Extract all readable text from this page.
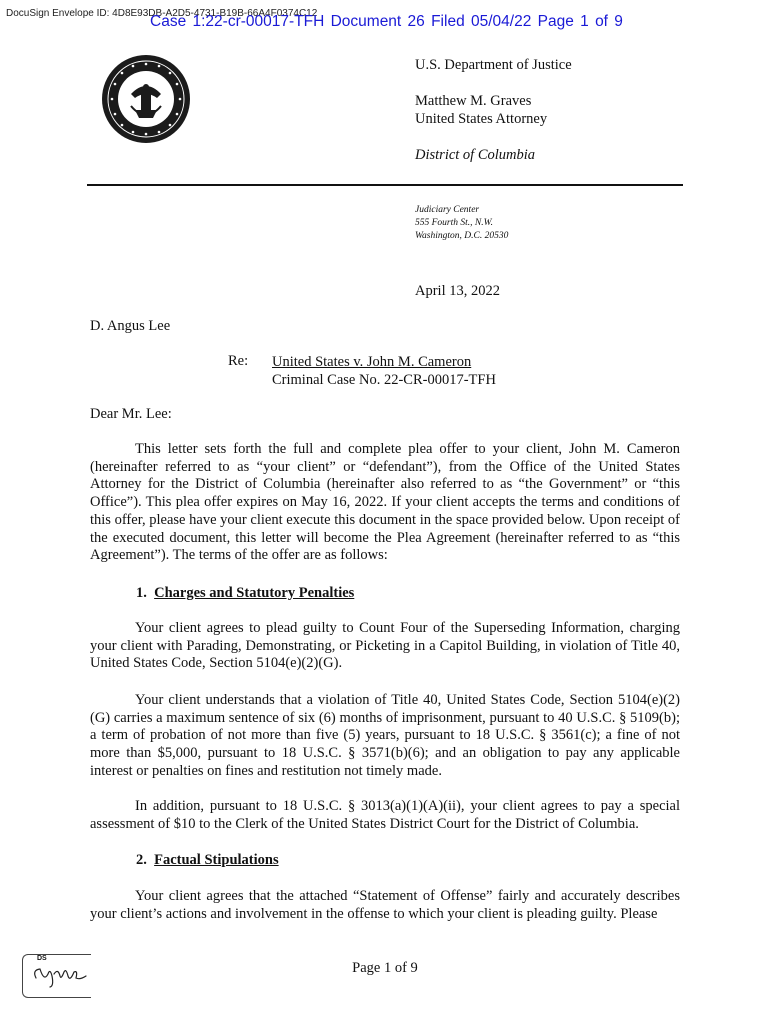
DocuSign Envelope ID: 4D8E93DB-A2D5-4731-B19B-66A4F0374C12
Case 1:22-cr-00017-TFH Document 26 Filed 05/04/22 Page 1 of 9
U.S. Department of Justice
Matthew M. Graves
United States Attorney
District of Columbia
Judiciary Center
555 Fourth St., N.W.
Washington, D.C. 20530
April 13, 2022
D. Angus Lee
Re: United States v. John M. Cameron
Criminal Case No. 22-CR-00017-TFH
Dear Mr. Lee:
This letter sets forth the full and complete plea offer to your client, John M. Cameron (hereinafter referred to as “your client” or “defendant”), from the Office of the United States Attorney for the District of Columbia (hereinafter also referred to as “the Government” or “this Office”). This plea offer expires on May 16, 2022. If your client accepts the terms and conditions of this offer, please have your client execute this document in the space provided below. Upon receipt of the executed document, this letter will become the Plea Agreement (hereinafter referred to as “this Agreement”). The terms of the offer are as follows:
1. Charges and Statutory Penalties
Your client agrees to plead guilty to Count Four of the Superseding Information, charging your client with Parading, Demonstrating, or Picketing in a Capitol Building, in violation of Title 40, United States Code, Section 5104(e)(2)(G).
Your client understands that a violation of Title 40, United States Code, Section 5104(e)(2)(G) carries a maximum sentence of six (6) months of imprisonment, pursuant to 40 U.S.C. § 5109(b); a term of probation of not more than five (5) years, pursuant to 18 U.S.C. § 3561(c); a fine of not more than $5,000, pursuant to 18 U.S.C. § 3571(b)(6); and an obligation to pay any applicable interest or penalties on fines and restitution not timely made.
In addition, pursuant to 18 U.S.C. § 3013(a)(1)(A)(ii), your client agrees to pay a special assessment of $10 to the Clerk of the United States District Court for the District of Columbia.
2. Factual Stipulations
Your client agrees that the attached “Statement of Offense” fairly and accurately describes your client’s actions and involvement in the offense to which your client is pleading guilty. Please
DS
Page 1 of 9
